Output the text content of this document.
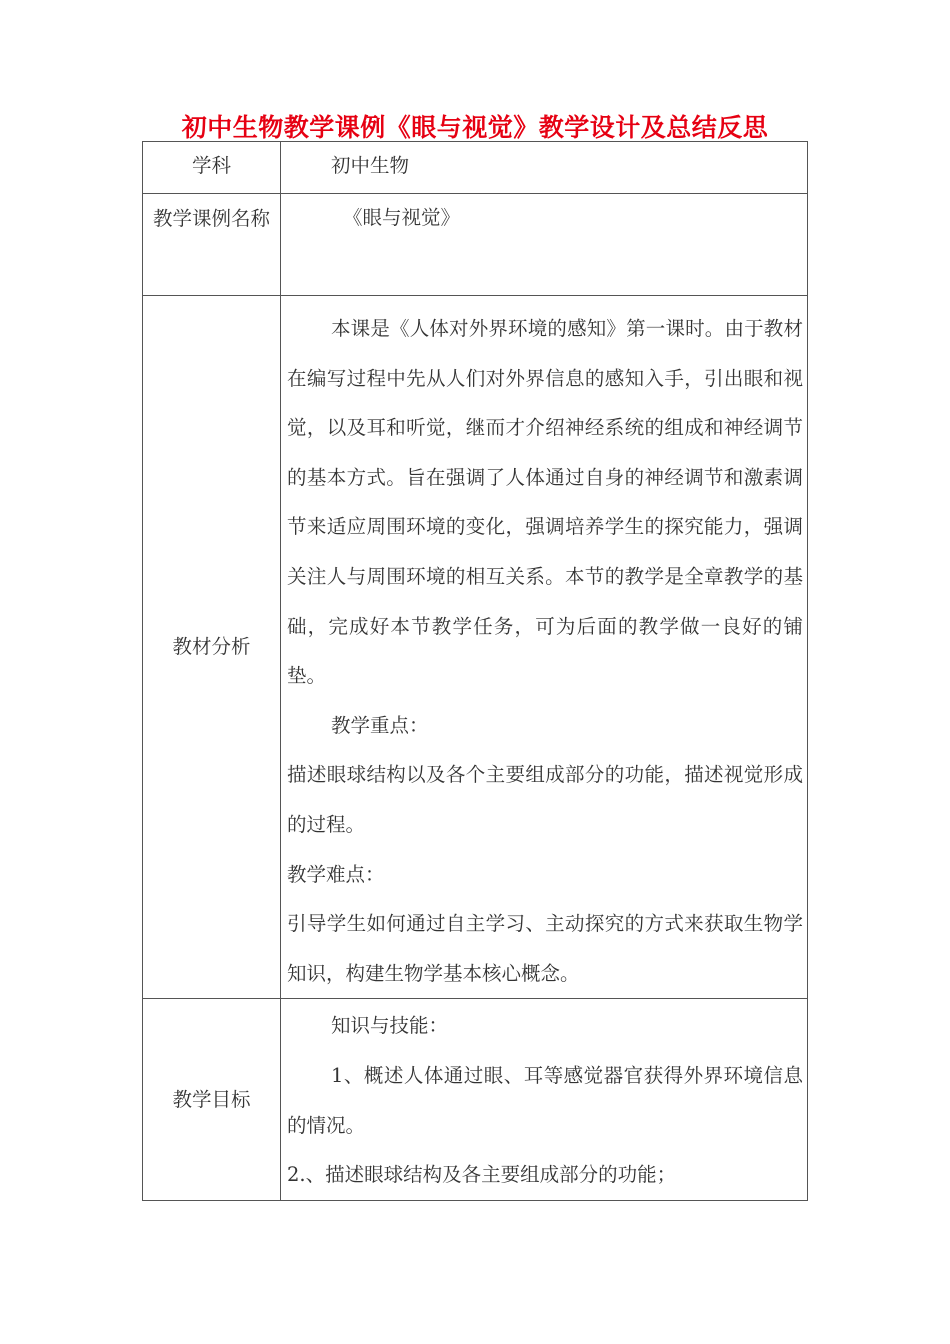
初中生物教学课例《眼与视觉》教学设计及总结反思
学科	初中生物

教学课例名称	《眼与视觉》

教材分析	本课是《人体对外界环境的感知》第一课时。由于教材在编写过程中先从人们对外界信息的感知入手，引出眼和视觉，以及耳和听觉，继而才介绍神经系统的组成和神经调节的基本方式。旨在强调了人体通过自身的神经调节和激素调节来适应周围环境的变化，强调培养学生的探究能力，强调关注人与周围环境的相互关系。本节的教学是全章教学的基础，完成好本节教学任务，可为后面的教学做一良好的铺垫。

教学重点：

描述眼球结构以及各个主要组成部分的功能，描述视觉形成的过程。

教学难点：

引导学生如何通过自主学习、主动探究的方式来获取生物学知识，构建生物学基本核心概念。

教学目标	知识与技能：

1、概述人体通过眼、耳等感觉器官获得外界环境信息的情况。

2.、描述眼球结构及各主要组成部分的功能；
